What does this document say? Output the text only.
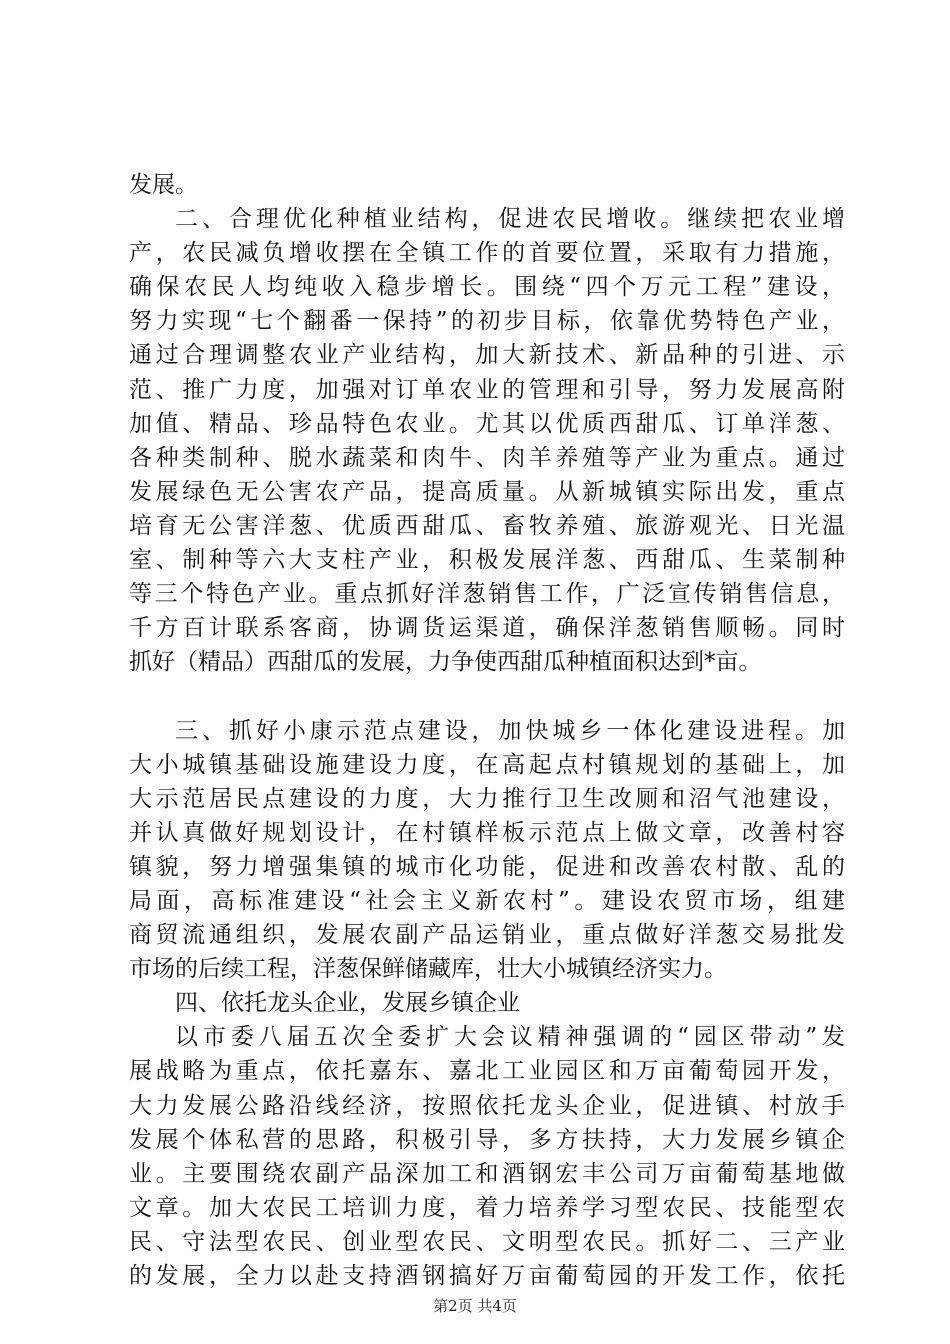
发展。
二、合理优化种植业结构，促进农民增收。继续把农业增
产，农民减负增收摆在全镇工作的首要位置，采取有力措施，
确保农民人均纯收入稳步增长。围绕“四个万元工程”建设，
努力实现“七个翻番一保持”的初步目标，依靠优势特色产业，
通过合理调整农业产业结构，加大新技术、新品种的引进、示
范、推广力度，加强对订单农业的管理和引导，努力发展高附
加值、精品、珍品特色农业。尤其以优质西甜瓜、订单洋葱、
各种类制种、脱水蔬菜和肉牛、肉羊养殖等产业为重点。通过
发展绿色无公害农产品，提高质量。从新城镇实际出发，重点
培育无公害洋葱、优质西甜瓜、畜牧养殖、旅游观光、日光温
室、制种等六大支柱产业，积极发展洋葱、西甜瓜、生菜制种
等三个特色产业。重点抓好洋葱销售工作，广泛宣传销售信息，
千方百计联系客商，协调货运渠道，确保洋葱销售顺畅。同时
抓好（精品）西甜瓜的发展，力争使西甜瓜种植面积达到*亩。
三、抓好小康示范点建设，加快城乡一体化建设进程。加
大小城镇基础设施建设力度，在高起点村镇规划的基础上，加
大示范居民点建设的力度，大力推行卫生改厕和沼气池建设，
并认真做好规划设计，在村镇样板示范点上做文章，改善村容
镇貌，努力增强集镇的城市化功能，促进和改善农村散、乱的
局面，高标准建设“社会主义新农村”。建设农贸市场，组建
商贸流通组织，发展农副产品运销业，重点做好洋葱交易批发
市场的后续工程，洋葱保鲜储藏库，壮大小城镇经济实力。
四、依托龙头企业，发展乡镇企业
以市委八届五次全委扩大会议精神强调的“园区带动”发
展战略为重点，依托嘉东、嘉北工业园区和万亩葡萄园开发，
大力发展公路沿线经济，按照依托龙头企业，促进镇、村放手
发展个体私营的思路，积极引导，多方扶持，大力发展乡镇企
业。主要围绕农副产品深加工和酒钢宏丰公司万亩葡萄基地做
文章。加大农民工培训力度，着力培养学习型农民、技能型农
民、守法型农民、创业型农民、文明型农民。抓好二、三产业
的发展，全力以赴支持酒钢搞好万亩葡萄园的开发工作，依托
第2页 共4页
